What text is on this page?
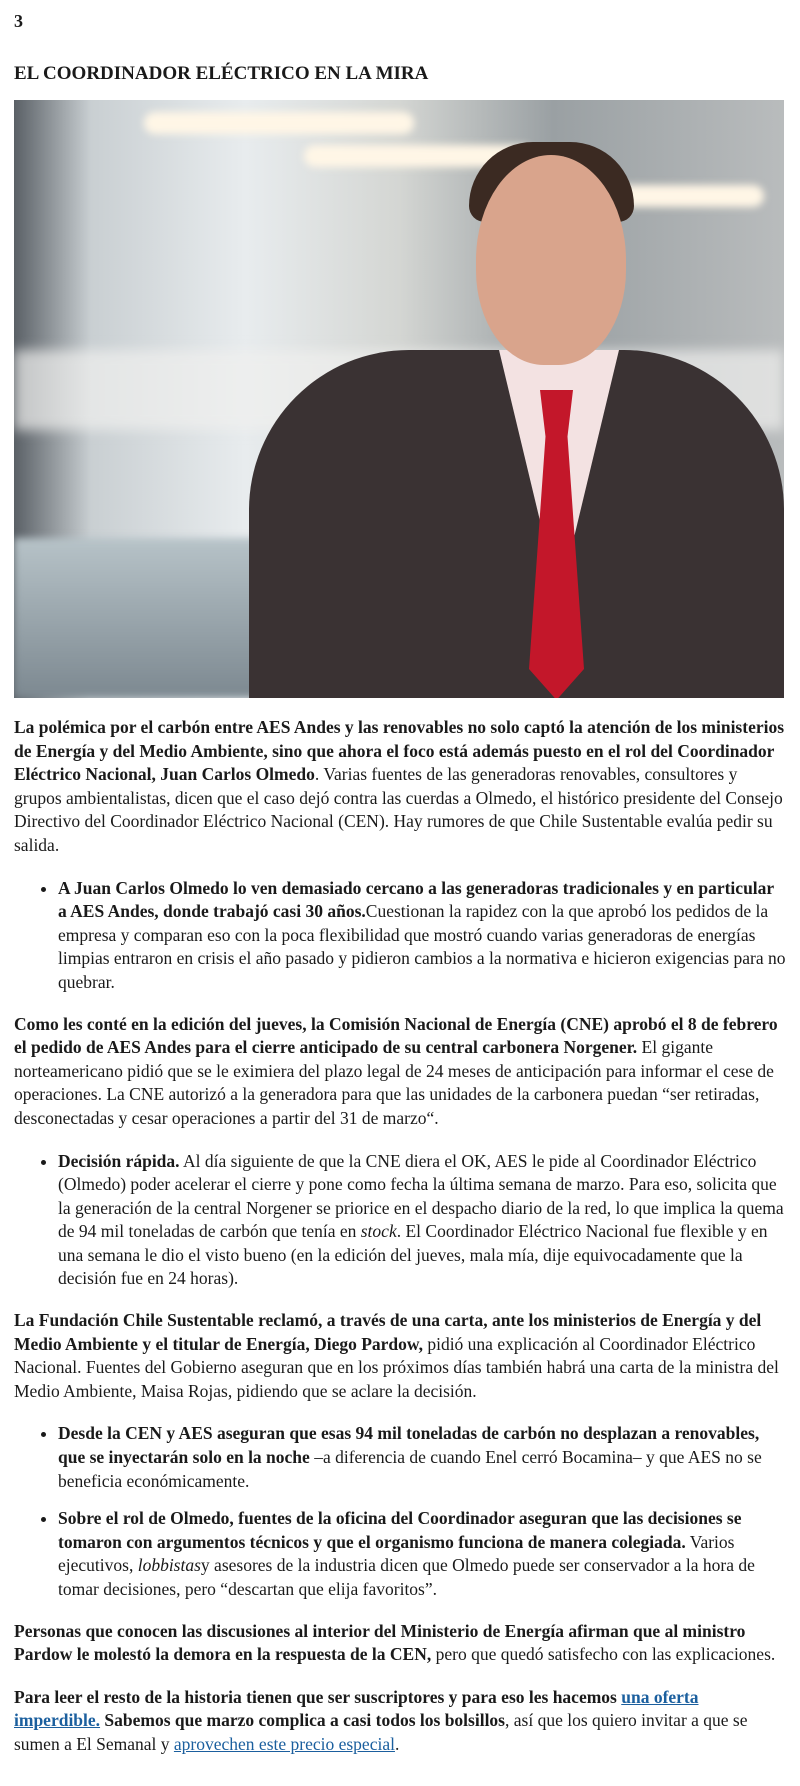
3

EL COORDINADOR ELÉCTRICO EN LA MIRA

La polémica por el carbón entre AES Andes y las renovables no solo captó la atención de los ministerios de Energía y del Medio Ambiente, sino que ahora el foco está además puesto en el rol del Coordinador Eléctrico Nacional, Juan Carlos Olmedo. Varias fuentes de las generadoras renovables, consultores y grupos ambientalistas, dicen que el caso dejó contra las cuerdas a Olmedo, el histórico presidente del Consejo Directivo del Coordinador Eléctrico Nacional (CEN). Hay rumores de que Chile Sustentable evalúa pedir su salida.

• A Juan Carlos Olmedo lo ven demasiado cercano a las generadoras tradicionales y en particular a AES Andes, donde trabajó casi 30 años.Cuestionan la rapidez con la que aprobó los pedidos de la empresa y comparan eso con la poca flexibilidad que mostró cuando varias generadoras de energías limpias entraron en crisis el año pasado y pidieron cambios a la normativa e hicieron exigencias para no quebrar.

Como les conté en la edición del jueves, la Comisión Nacional de Energía (CNE) aprobó el 8 de febrero el pedido de AES Andes para el cierre anticipado de su central carbonera Norgener. El gigante norteamericano pidió que se le eximiera del plazo legal de 24 meses de anticipación para informar el cese de operaciones. La CNE autorizó a la generadora para que las unidades de la carbonera puedan “ser retiradas, desconectadas y cesar operaciones a partir del 31 de marzo“.

• Decisión rápida. Al día siguiente de que la CNE diera el OK, AES le pide al Coordinador Eléctrico (Olmedo) poder acelerar el cierre y pone como fecha la última semana de marzo. Para eso, solicita que la generación de la central Norgener se priorice en el despacho diario de la red, lo que implica la quema de 94 mil toneladas de carbón que tenía en stock. El Coordinador Eléctrico Nacional fue flexible y en una semana le dio el visto bueno (en la edición del jueves, mala mía, dije equivocadamente que la decisión fue en 24 horas).

La Fundación Chile Sustentable reclamó, a través de una carta, ante los ministerios de Energía y del Medio Ambiente y el titular de Energía, Diego Pardow, pidió una explicación al Coordinador Eléctrico Nacional. Fuentes del Gobierno aseguran que en los próximos días también habrá una carta de la ministra del Medio Ambiente, Maisa Rojas, pidiendo que se aclare la decisión.

• Desde la CEN y AES aseguran que esas 94 mil toneladas de carbón no desplazan a renovables, que se inyectarán solo en la noche –a diferencia de cuando Enel cerró Bocamina– y que AES no se beneficia económicamente.
• Sobre el rol de Olmedo, fuentes de la oficina del Coordinador aseguran que las decisiones se tomaron con argumentos técnicos y que el organismo funciona de manera colegiada. Varios ejecutivos, lobbistasy asesores de la industria dicen que Olmedo puede ser conservador a la hora de tomar decisiones, pero “descartan que elija favoritos”.

Personas que conocen las discusiones al interior del Ministerio de Energía afirman que al ministro Pardow le molestó la demora en la respuesta de la CEN, pero que quedó satisfecho con las explicaciones.

Para leer el resto de la historia tienen que ser suscriptores y para eso les hacemos una oferta imperdible. Sabemos que marzo complica a casi todos los bolsillos, así que los quiero invitar a que se sumen a El Semanal y aprovechen este precio especial.
